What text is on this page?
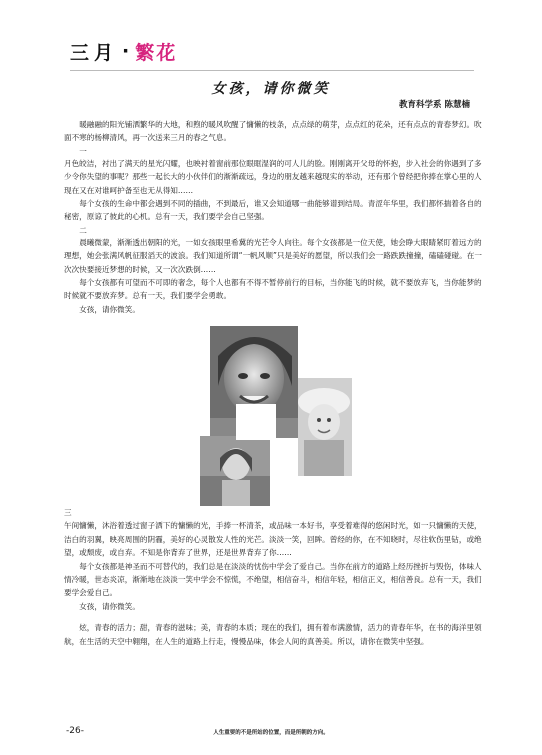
三月 · 繁花
女孩，请你微笑
教育科学系 陈慧楠

暖融融的阳光铺洒繁华的大地，和煦的暖风吹醒了慵懒的枝条，点点绿的萌芽，点点红的花朵，还有点点的青春梦幻。吹面不寒的杨柳清风，再一次送来三月的春之气息。

一

月色皎洁，衬出了满天的星光闪耀，也映衬着窗前那位眼眶湿润的可人儿的脸。刚刚离开父母的怀抱，步入社会的你遇到了多少令你失望的事呢？那些一起长大的小伙伴们的渐渐疏远，身边的朋友越来越现实的举动，还有那个曾经把你捧在掌心里的人现在又在对谁呵护备至也无从得知……

每个女孩的生命中都会遇到不同的插曲，不到最后，谁又会知道哪一曲能够谱到结局。青涩年华里，我们都怀揣着各自的秘密，原谅了彼此的心机。总有一天，我们要学会自己坚强。

二

晨曦微蒙，渐渐透出朝阳的光，一如女孩眼里希冀的光芒令人向往。每个女孩都是一位天使，她会睁大眼睛紧盯着远方的理想，她会张满风帆征服滔天的波浪。我们知道所谓“一帆风顺”只是美好的愿望，所以我们会一路跌跌撞撞，磕磕碰碰。在一次次快要接近梦想的时候，又一次次跌倒……

每个女孩都有可望而不可即的奢念，每个人也都有不得不暂停前行的目标，当你能飞的时候，就不要放弃飞，当你能梦的时候就不要放弃梦。总有一天，我们要学会勇敢。

女孩，请你微笑。

三

午间慵懒，沐浴着透过窗子洒下的慵懒的光，手捧一杯清茶，或品味一本好书，享受着难得的悠闲时光，如一只慵懒的天使，洁白的羽翼，映亮周围的阴霾，美好的心灵散发人性的光芒。淡淡一笑，回眸。曾经的你，在不知晓时，尽往软伤里钻，或绝望，或颓废，或自弃。不知是你背弃了世界，还是世界背弃了你……

每个女孩都是神圣而不可替代的，我们总是在淡淡的忧伤中学会了爱自己。当你在前方的道路上经历挫折与毁伤，体味人情冷暖，世态炎凉，渐渐地在淡淡一笑中学会不惊慌，不绝望，相信奋斗，相信年轻，相信正义，相信善良。总有一天，我们要学会爱自己。

女孩，请你微笑。

炫，青春的活力；甜，青春的滋味；美，青春的本质；现在的我们，拥有着布满激情，活力的青春年华，在书的海洋里领航，在生活的天空中翱翔，在人生的道路上行走，慢慢品味，体会人间的真善美。所以，请你在微笑中坚强。

-26-	人生重要的不是所站的位置，而是所朝的方向。
